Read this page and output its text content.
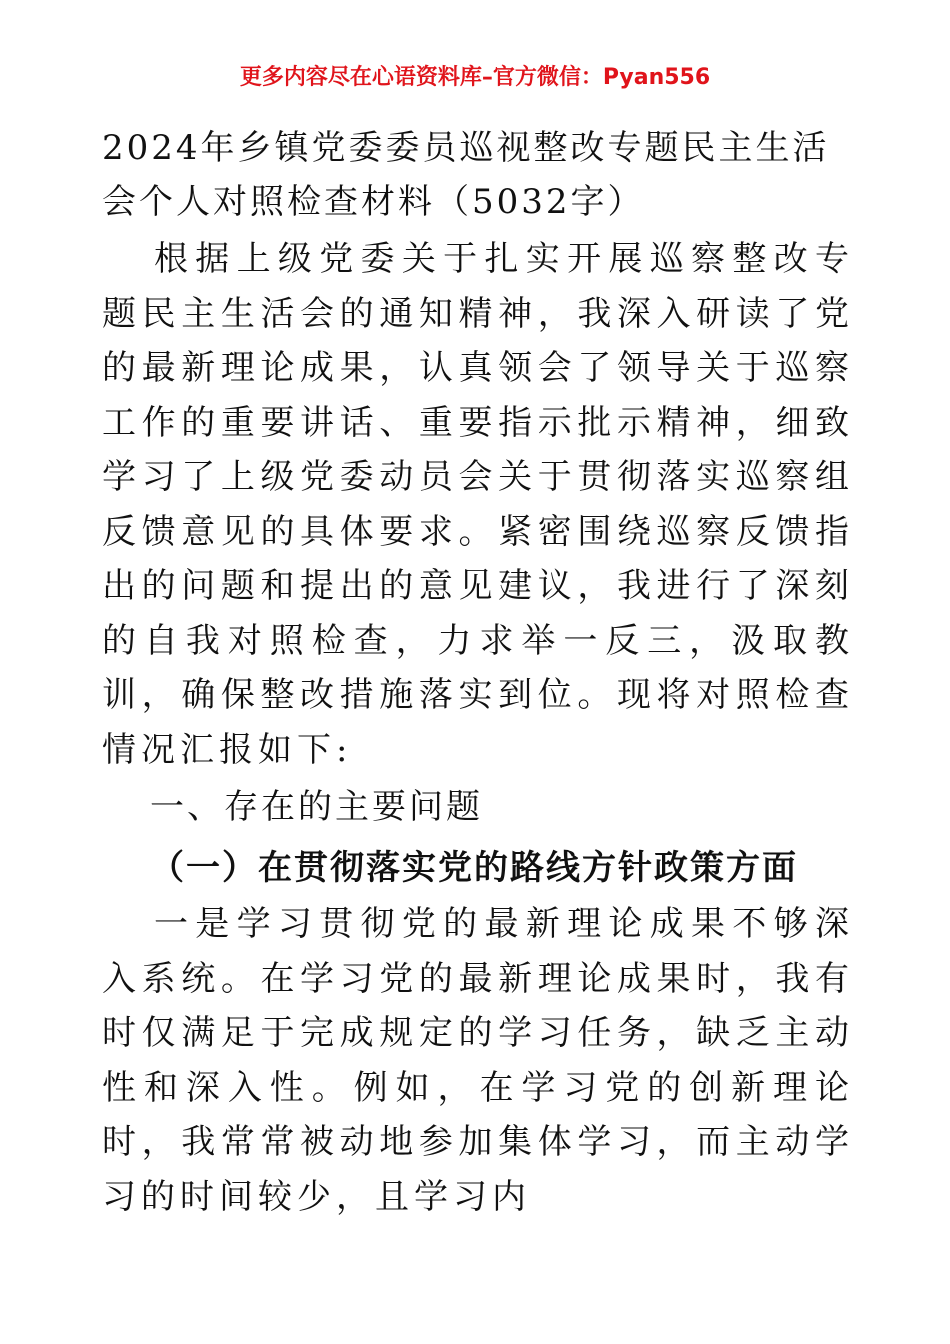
更多内容尽在心语资料库–官方微信：Pyan556
2024年乡镇党委委员巡视整改专题民主生活会个人对照检查材料（5032字）

根据上级党委关于扎实开展巡察整改专题民主生活会的通知精神，我深入研读了党的最新理论成果，认真领会了领导关于巡察工作的重要讲话、重要指示批示精神，细致学习了上级党委动员会关于贯彻落实巡察组反馈意见的具体要求。紧密围绕巡察反馈指出的问题和提出的意见建议，我进行了深刻的自我对照检查，力求举一反三，汲取教训，确保整改措施落实到位。现将对照检查情况汇报如下:

一、存在的主要问题
（一）在贯彻落实党的路线方针政策方面

一是学习贯彻党的最新理论成果不够深入系统。在学习党的最新理论成果时，我有时仅满足于完成规定的学习任务，缺乏主动性和深入性。例如，在学习党的创新理论时，我常常被动地参加集体学习，而主动学习的时间较少，且学习内
